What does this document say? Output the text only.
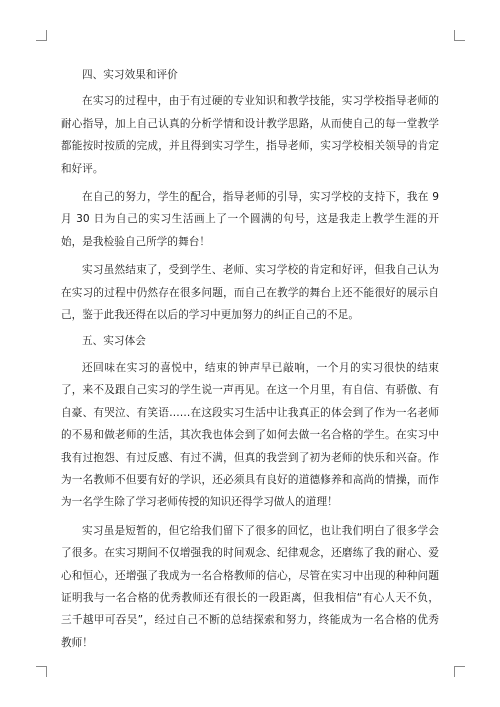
四、实习效果和评价

在实习的过程中，由于有过硬的专业知识和教学技能，实习学校指导老师的耐心指导，加上自己认真的分析学情和设计教学思路，从而使自己的每一堂教学都能按时按质的完成，并且得到实习学生，指导老师，实习学校相关领导的肯定和好评。

在自己的努力，学生的配合，指导老师的引导，实习学校的支持下，我在 9 月 30 日为自己的实习生活画上了一个圆满的句号，这是我走上教学生涯的开始，是我检验自己所学的舞台！

实习虽然结束了，受到学生、老师、实习学校的肯定和好评，但我自己认为在实习的过程中仍然存在很多问题，而自己在教学的舞台上还不能很好的展示自己，鉴于此我还得在以后的学习中更加努力的纠正自己的不足。

五、实习体会

还回味在实习的喜悦中，结束的钟声早已敲响，一个月的实习很快的结束了，来不及跟自己实习的学生说一声再见。在这一个月里，有自信、有骄傲、有自豪、有哭泣、有笑语……在这段实习生活中让我真正的体会到了作为一名老师的不易和做老师的生活，其次我也体会到了如何去做一名合格的学生。在实习中我有过抱怨、有过反感、有过不满，但真的我尝到了初为老师的快乐和兴奋。作为一名教师不但要有好的学识，还必须具有良好的道德修养和高尚的情操，而作为一名学生除了学习老师传授的知识还得学习做人的道理！

实习虽是短暂的，但它给我们留下了很多的回忆，也让我们明白了很多学会了很多。在实习期间不仅增强我的时间观念、纪律观念，还磨练了我的耐心、爱心和恒心，还增强了我成为一名合格教师的信心，尽管在实习中出现的种种问题证明我与一名合格的优秀教师还有很长的一段距离，但我相信“有心人天不负，三千越甲可吞吴”，经过自己不断的总结探索和努力，终能成为一名合格的优秀教师！
